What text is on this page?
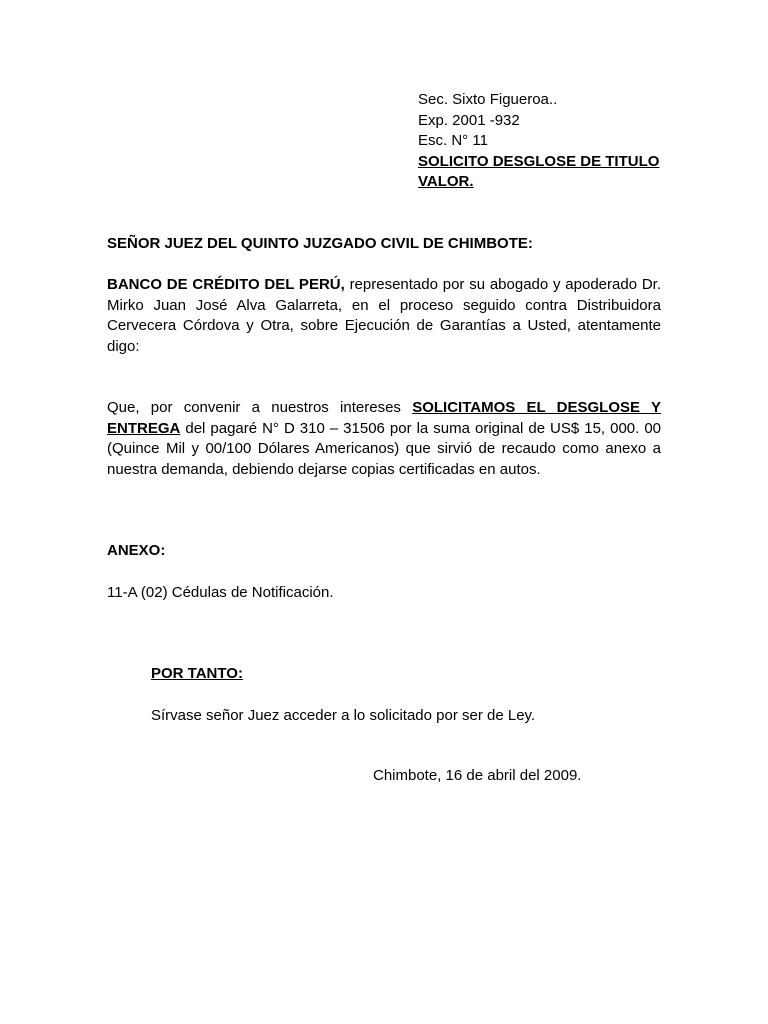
Sec. Sixto Figueroa..
Exp. 2001 -932
Esc. N° 11
SOLICITO DESGLOSE DE TITULO
VALOR.
SEÑOR JUEZ DEL QUINTO JUZGADO CIVIL DE CHIMBOTE:
BANCO DE CRÉDITO DEL PERÚ, representado por su abogado y apoderado Dr. Mirko Juan José Alva Galarreta, en el proceso seguido contra Distribuidora Cervecera Córdova y Otra, sobre Ejecución de Garantías a Usted, atentamente digo:
Que, por convenir a nuestros intereses SOLICITAMOS EL DESGLOSE Y ENTREGA del pagaré N° D 310 – 31506 por la suma original de US$ 15, 000. 00 (Quince Mil y 00/100 Dólares Americanos) que sirvió de recaudo como anexo a nuestra demanda, debiendo dejarse copias certificadas en autos.
ANEXO:
11-A (02) Cédulas de Notificación.
POR TANTO:
Sírvase señor Juez acceder a lo solicitado por ser de Ley.
Chimbote, 16 de abril del 2009.
